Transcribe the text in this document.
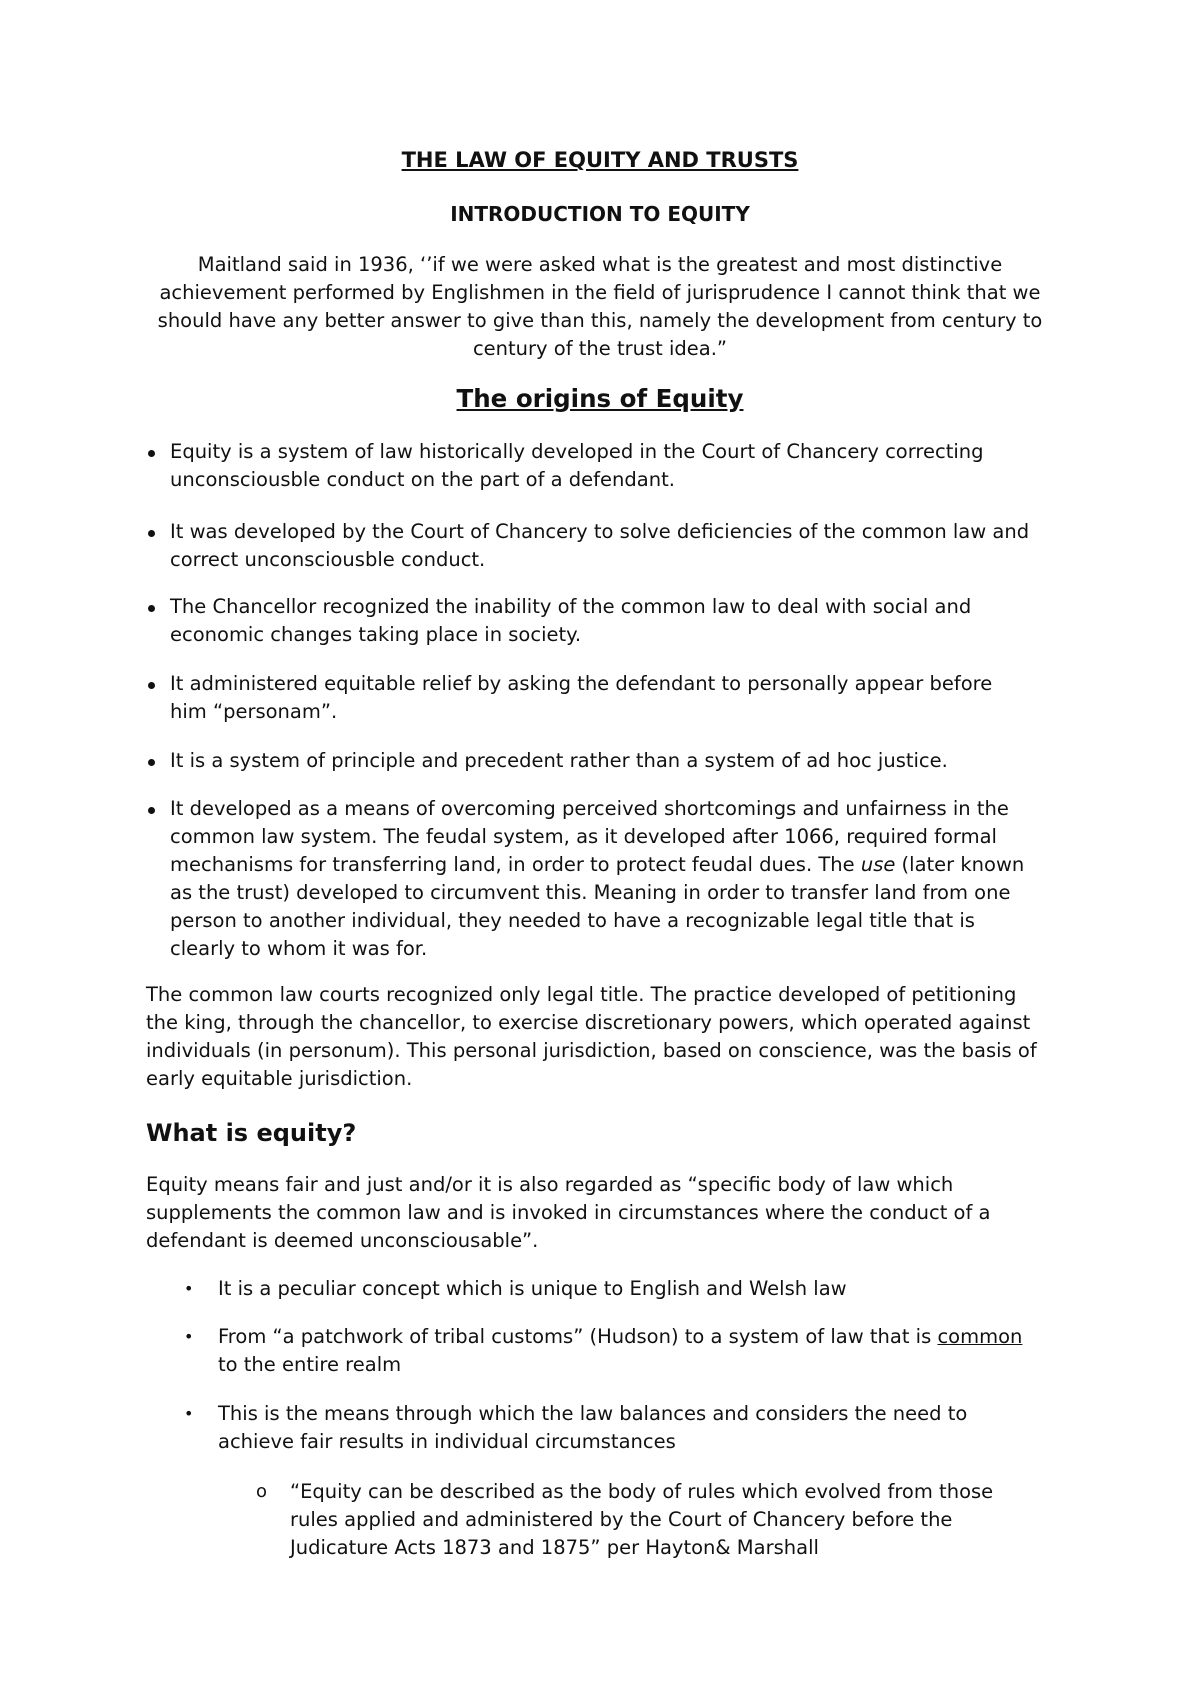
THE LAW OF EQUITY AND TRUSTS
INTRODUCTION TO EQUITY

Maitland said in 1936, ‘’if we were asked what is the greatest and most distinctive
achievement performed by Englishmen in the field of jurisprudence I cannot think that we
should have any better answer to give than this, namely the development from century to
century of the trust idea.”

The origins of Equity
Equity is a system of law historically developed in the Court of Chancery correcting
unconsciousble conduct on the part of a defendant.
It was developed by the Court of Chancery to solve deficiencies of the common law and
correct unconsciousble conduct.
The Chancellor recognized the inability of the common law to deal with social and
economic changes taking place in society.
It administered equitable relief by asking the defendant to personally appear before
him “personam”.
It is a system of principle and precedent rather than a system of ad hoc justice.
It developed as a means of overcoming perceived shortcomings and unfairness in the
common law system. The feudal system, as it developed after 1066, required formal
mechanisms for transferring land, in order to protect feudal dues. The use (later known
as the trust) developed to circumvent this. Meaning in order to transfer land from one
person to another individual, they needed to have a recognizable legal title that is
clearly to whom it was for.
The common law courts recognized only legal title. The practice developed of petitioning
the king, through the chancellor, to exercise discretionary powers, which operated against
individuals (in personum). This personal jurisdiction, based on conscience, was the basis of
early equitable jurisdiction.
What is equity?
Equity means fair and just and/or it is also regarded as “specific body of law which
supplements the common law and is invoked in circumstances where the conduct of a
defendant is deemed unconsciousable”.
• It is a peculiar concept which is unique to English and Welsh law
• From “a patchwork of tribal customs” (Hudson) to a system of law that is common
to the entire realm
• This is the means through which the law balances and considers the need to
achieve fair results in individual circumstances
o “Equity can be described as the body of rules which evolved from those
rules applied and administered by the Court of Chancery before the
Judicature Acts 1873 and 1875” per Hayton& Marshall
